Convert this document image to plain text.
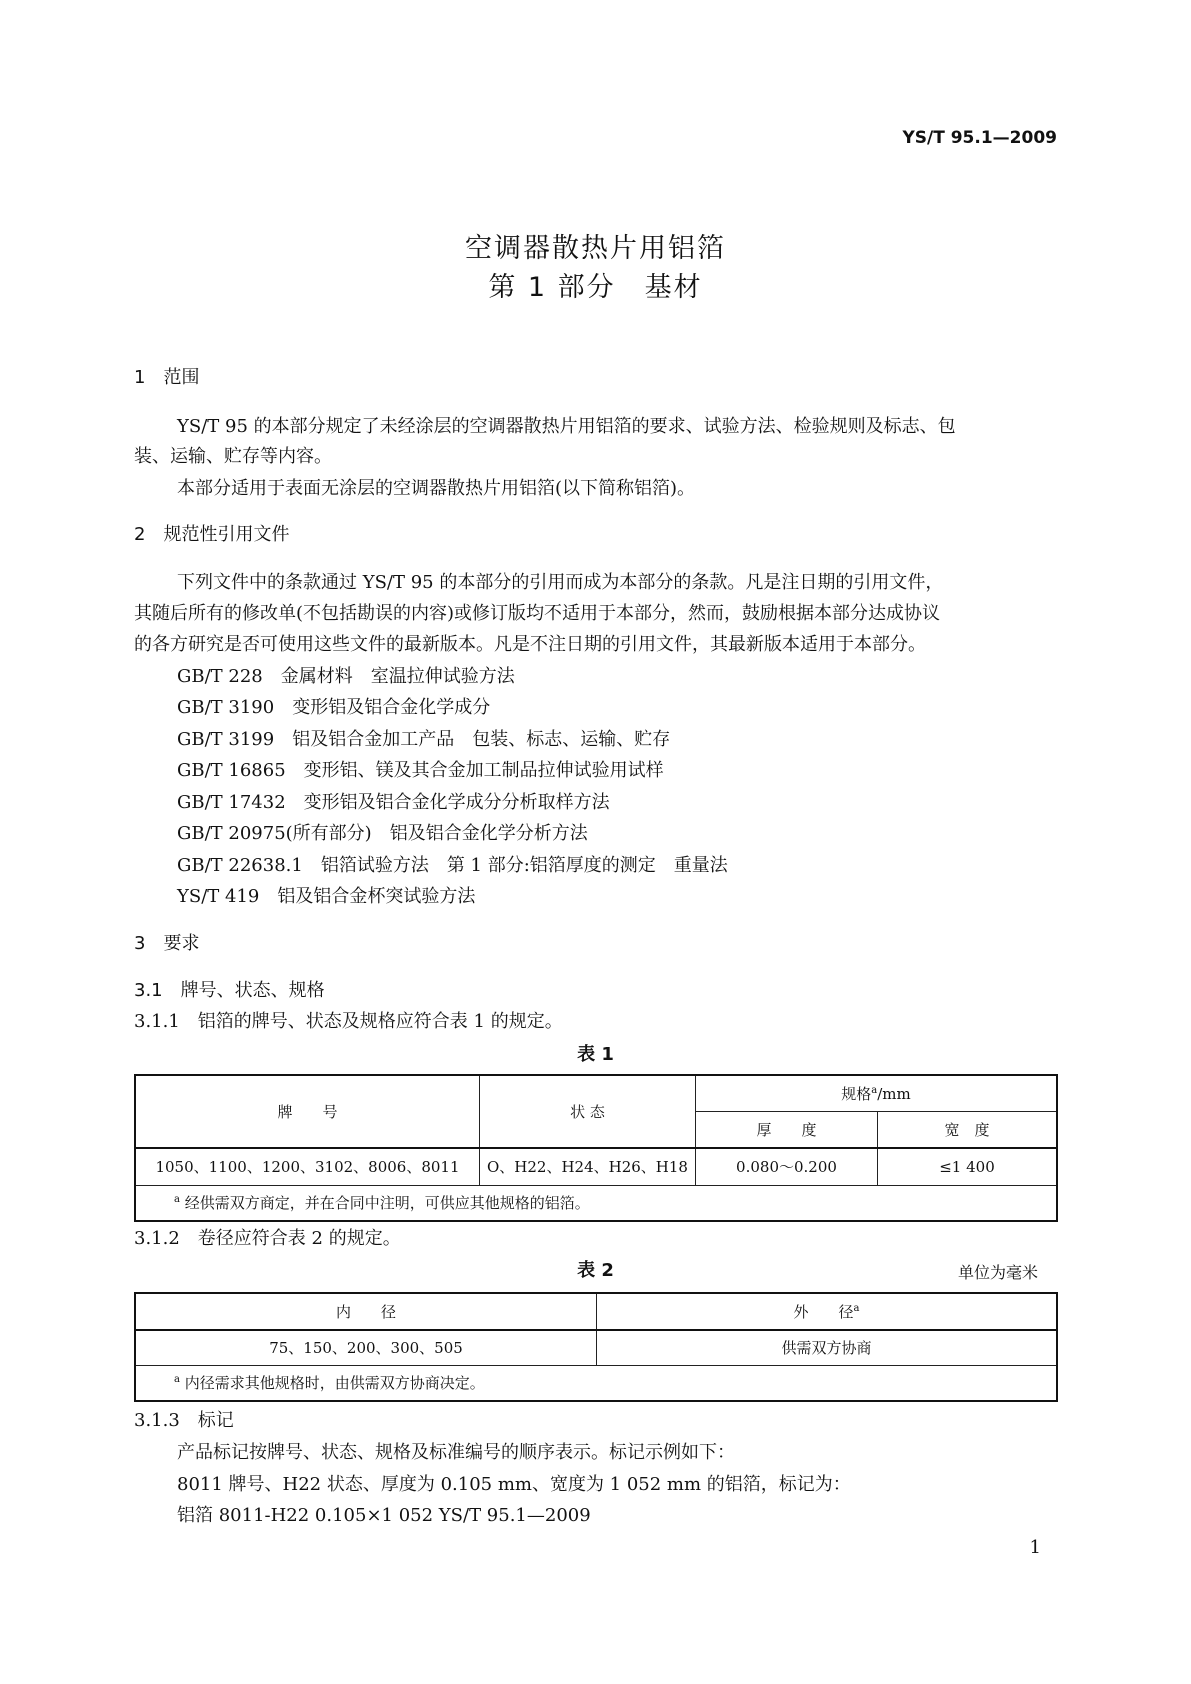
YS/T 95.1—2009
空调器散热片用铝箔
第 1 部分　基材
1　范围
YS/T 95 的本部分规定了未经涂层的空调器散热片用铝箔的要求、试验方法、检验规则及标志、包
装、运输、贮存等内容。
本部分适用于表面无涂层的空调器散热片用铝箔(以下简称铝箔)。
2　规范性引用文件
下列文件中的条款通过 YS/T 95 的本部分的引用而成为本部分的条款。凡是注日期的引用文件，
其随后所有的修改单(不包括勘误的内容)或修订版均不适用于本部分，然而，鼓励根据本部分达成协议
的各方研究是否可使用这些文件的最新版本。凡是不注日期的引用文件，其最新版本适用于本部分。
GB/T 228　金属材料　室温拉伸试验方法
GB/T 3190　变形铝及铝合金化学成分
GB/T 3199　铝及铝合金加工产品　包装、标志、运输、贮存
GB/T 16865　变形铝、镁及其合金加工制品拉伸试验用试样
GB/T 17432　变形铝及铝合金化学成分分析取样方法
GB/T 20975(所有部分)　铝及铝合金化学分析方法
GB/T 22638.1　铝箔试验方法　第 1 部分:铝箔厚度的测定　重量法
YS/T 419　铝及铝合金杯突试验方法
3　要求
3.1　牌号、状态、规格
3.1.1　铝箔的牌号、状态及规格应符合表 1 的规定。
表 1
牌　　号	状 态	规格$^a$/mm	
		厚　　度	宽　度
1050、1100、1200、3102、8006、8011	O、H22、H24、H26、H18	0.080～0.200	≤1 400
$^a$ 经供需双方商定，并在合同中注明，可供应其他规格的铝箔。			
3.1.2　卷径应符合表 2 的规定。
表 2	单位为毫米
内　　径	外　　径$^a$
75、150、200、300、505	供需双方协商
$^a$ 内径需求其他规格时，由供需双方协商决定。	
3.1.3　标记
产品标记按牌号、状态、规格及标准编号的顺序表示。标记示例如下：
8011 牌号、H22 状态、厚度为 0.105 mm、宽度为 1 052 mm 的铝箔，标记为：
铝箔 8011-H22 0.105×1 052 YS/T 95.1—2009
1
